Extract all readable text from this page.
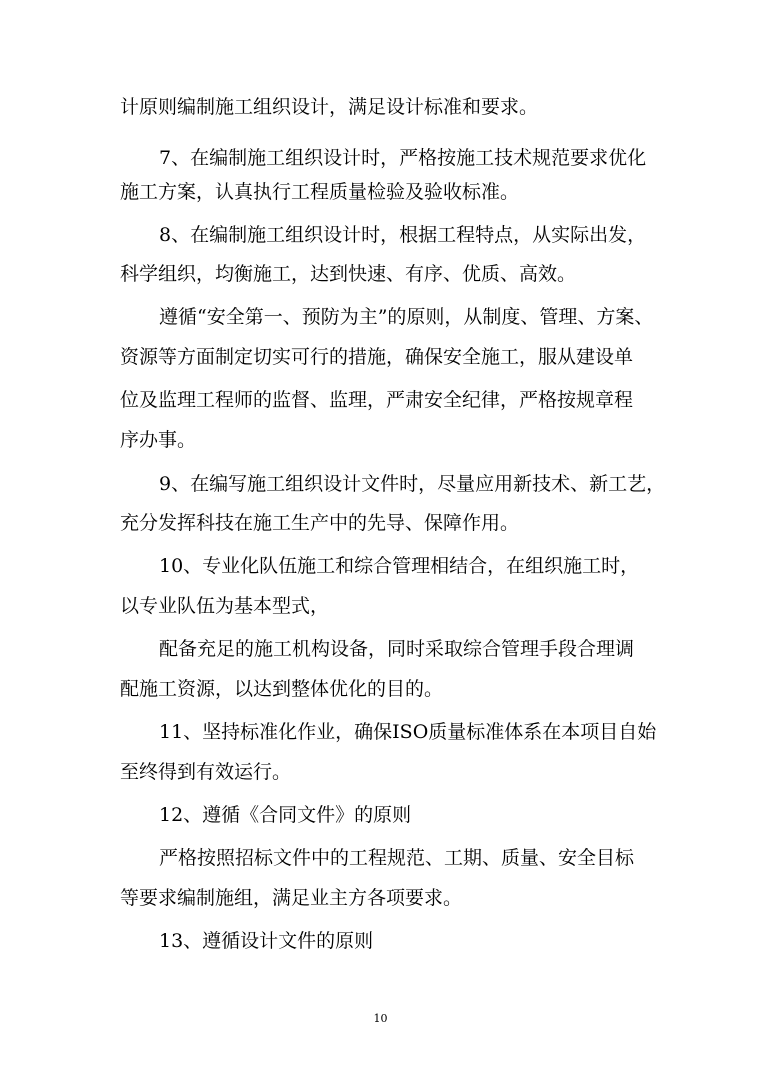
计原则编制施工组织设计，满足设计标准和要求。
7、在编制施工组织设计时，严格按施工技术规范要求优化
施工方案，认真执行工程质量检验及验收标准。
8、在编制施工组织设计时，根据工程特点，从实际出发，
科学组织，均衡施工，达到快速、有序、优质、高效。
遵循“安全第一、预防为主”的原则，从制度、管理、方案、
资源等方面制定切实可行的措施，确保安全施工，服从建设单
位及监理工程师的监督、监理，严肃安全纪律，严格按规章程
序办事。
9、在编写施工组织设计文件时，尽量应用新技术、新工艺，
充分发挥科技在施工生产中的先导、保障作用。
10、专业化队伍施工和综合管理相结合，在组织施工时，
以专业队伍为基本型式，
配备充足的施工机构设备，同时采取综合管理手段合理调
配施工资源，以达到整体优化的目的。
11、坚持标准化作业，确保ISO质量标准体系在本项目自始
至终得到有效运行。
12、遵循《合同文件》的原则
严格按照招标文件中的工程规范、工期、质量、安全目标
等要求编制施组，满足业主方各项要求。
13、遵循设计文件的原则
10
